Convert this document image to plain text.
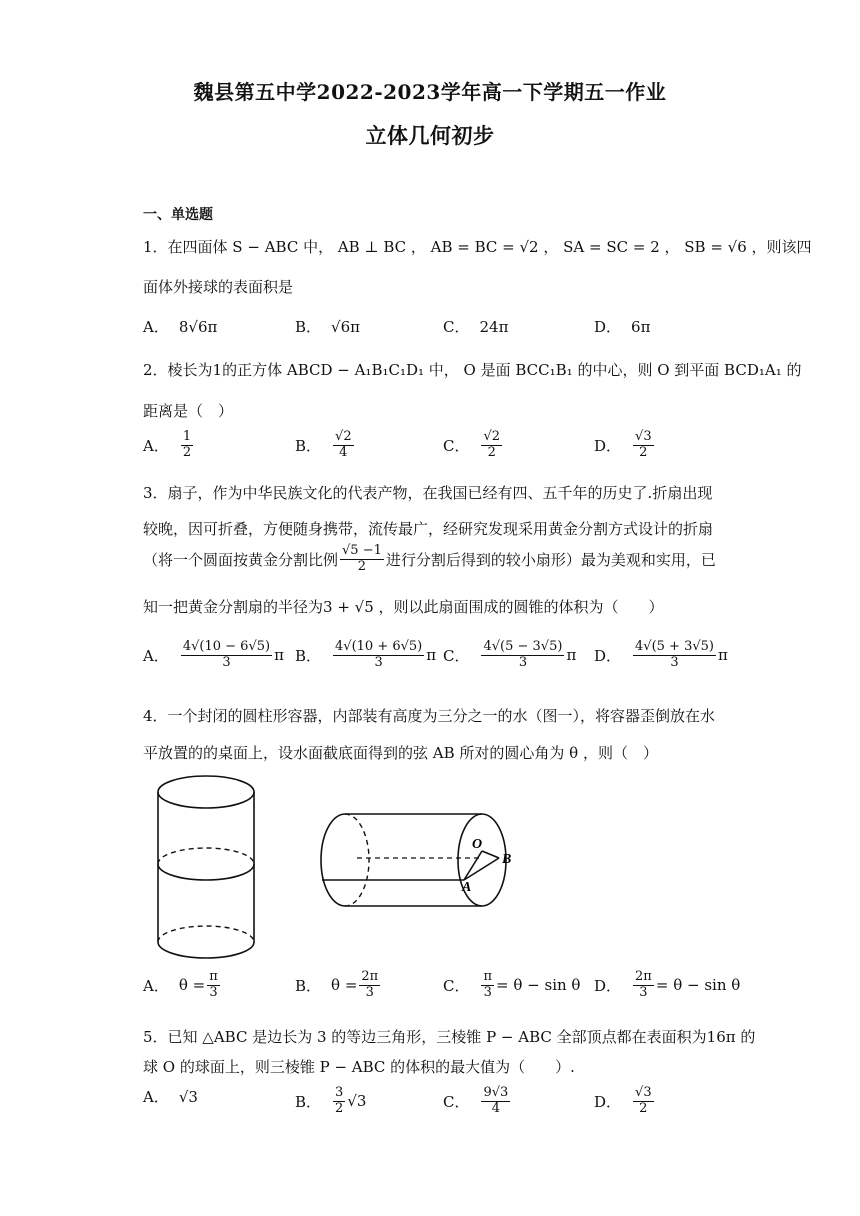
魏县第五中学2022-2023学年高一下学期五一作业
立体几何初步
一、单选题
1．在四面体 S − ABC 中， AB ⊥ BC ， AB = BC = √2 ， SA = SC = 2 ， SB = √6 ，则该四
面体外接球的表面积是
A． 8√6π	B． √6π	C． 24π	D． 6π
2．棱长为1的正方体 ABCD − A₁B₁C₁D₁ 中， O 是面 BCC₁B₁ 的中心，则 O 到平面 BCD₁A₁ 的
距离是（　）
A． $\frac{1}{2}$	B． $\frac{√2}{4}$	C． $\frac{√2}{2}$	D． $\frac{√3}{2}$
3．扇子，作为中华民族文化的代表产物，在我国已经有四、五千年的历史了.折扇出现
较晚，因可折叠，方便随身携带，流传最广，经研究发现采用黄金分割方式设计的折扇
（将一个圆面按黄金分割比例 $\frac{√5 -1}{2}$ 进行分割后得到的较小扇形）最为美观和实用，已
知一把黄金分割扇的半径为3 + √5 ，则以此扇面围成的圆锥的体积为（　　）
A． $\frac{4√(10 - 6√5)}{3}$ π B． $\frac{4√(10 + 6√5)}{3}$ π C． $\frac{4√(5 - 3√5)}{3}$ π D． $\frac{4√(5 + 3√5)}{3}$ π
4．一个封闭的圆柱形容器，内部装有高度为三分之一的水（图一），将容器歪倒放在水
平放置的的桌面上，设水面截底面得到的弦 AB 所对的圆心角为 θ ，则（　）
O
B
A
A． $\theta = \frac{\pi}{3}$	B． $\theta = \frac{2\pi}{3}$	C． $\frac{\pi}{3} = \theta - \sin \theta$ D． $\frac{2\pi}{3} = \theta - \sin \theta$
5．已知 △ABC 是边长为 3 的等边三角形，三棱锥 P − ABC 全部顶点都在表面积为16π 的
球 O 的球面上，则三棱锥 P − ABC 的体积的最大值为（　　）.
A． √3	B． $\frac{3}{2} √3$	C． $\frac{9√3}{4}$	D． $\frac{√3}{2}$
